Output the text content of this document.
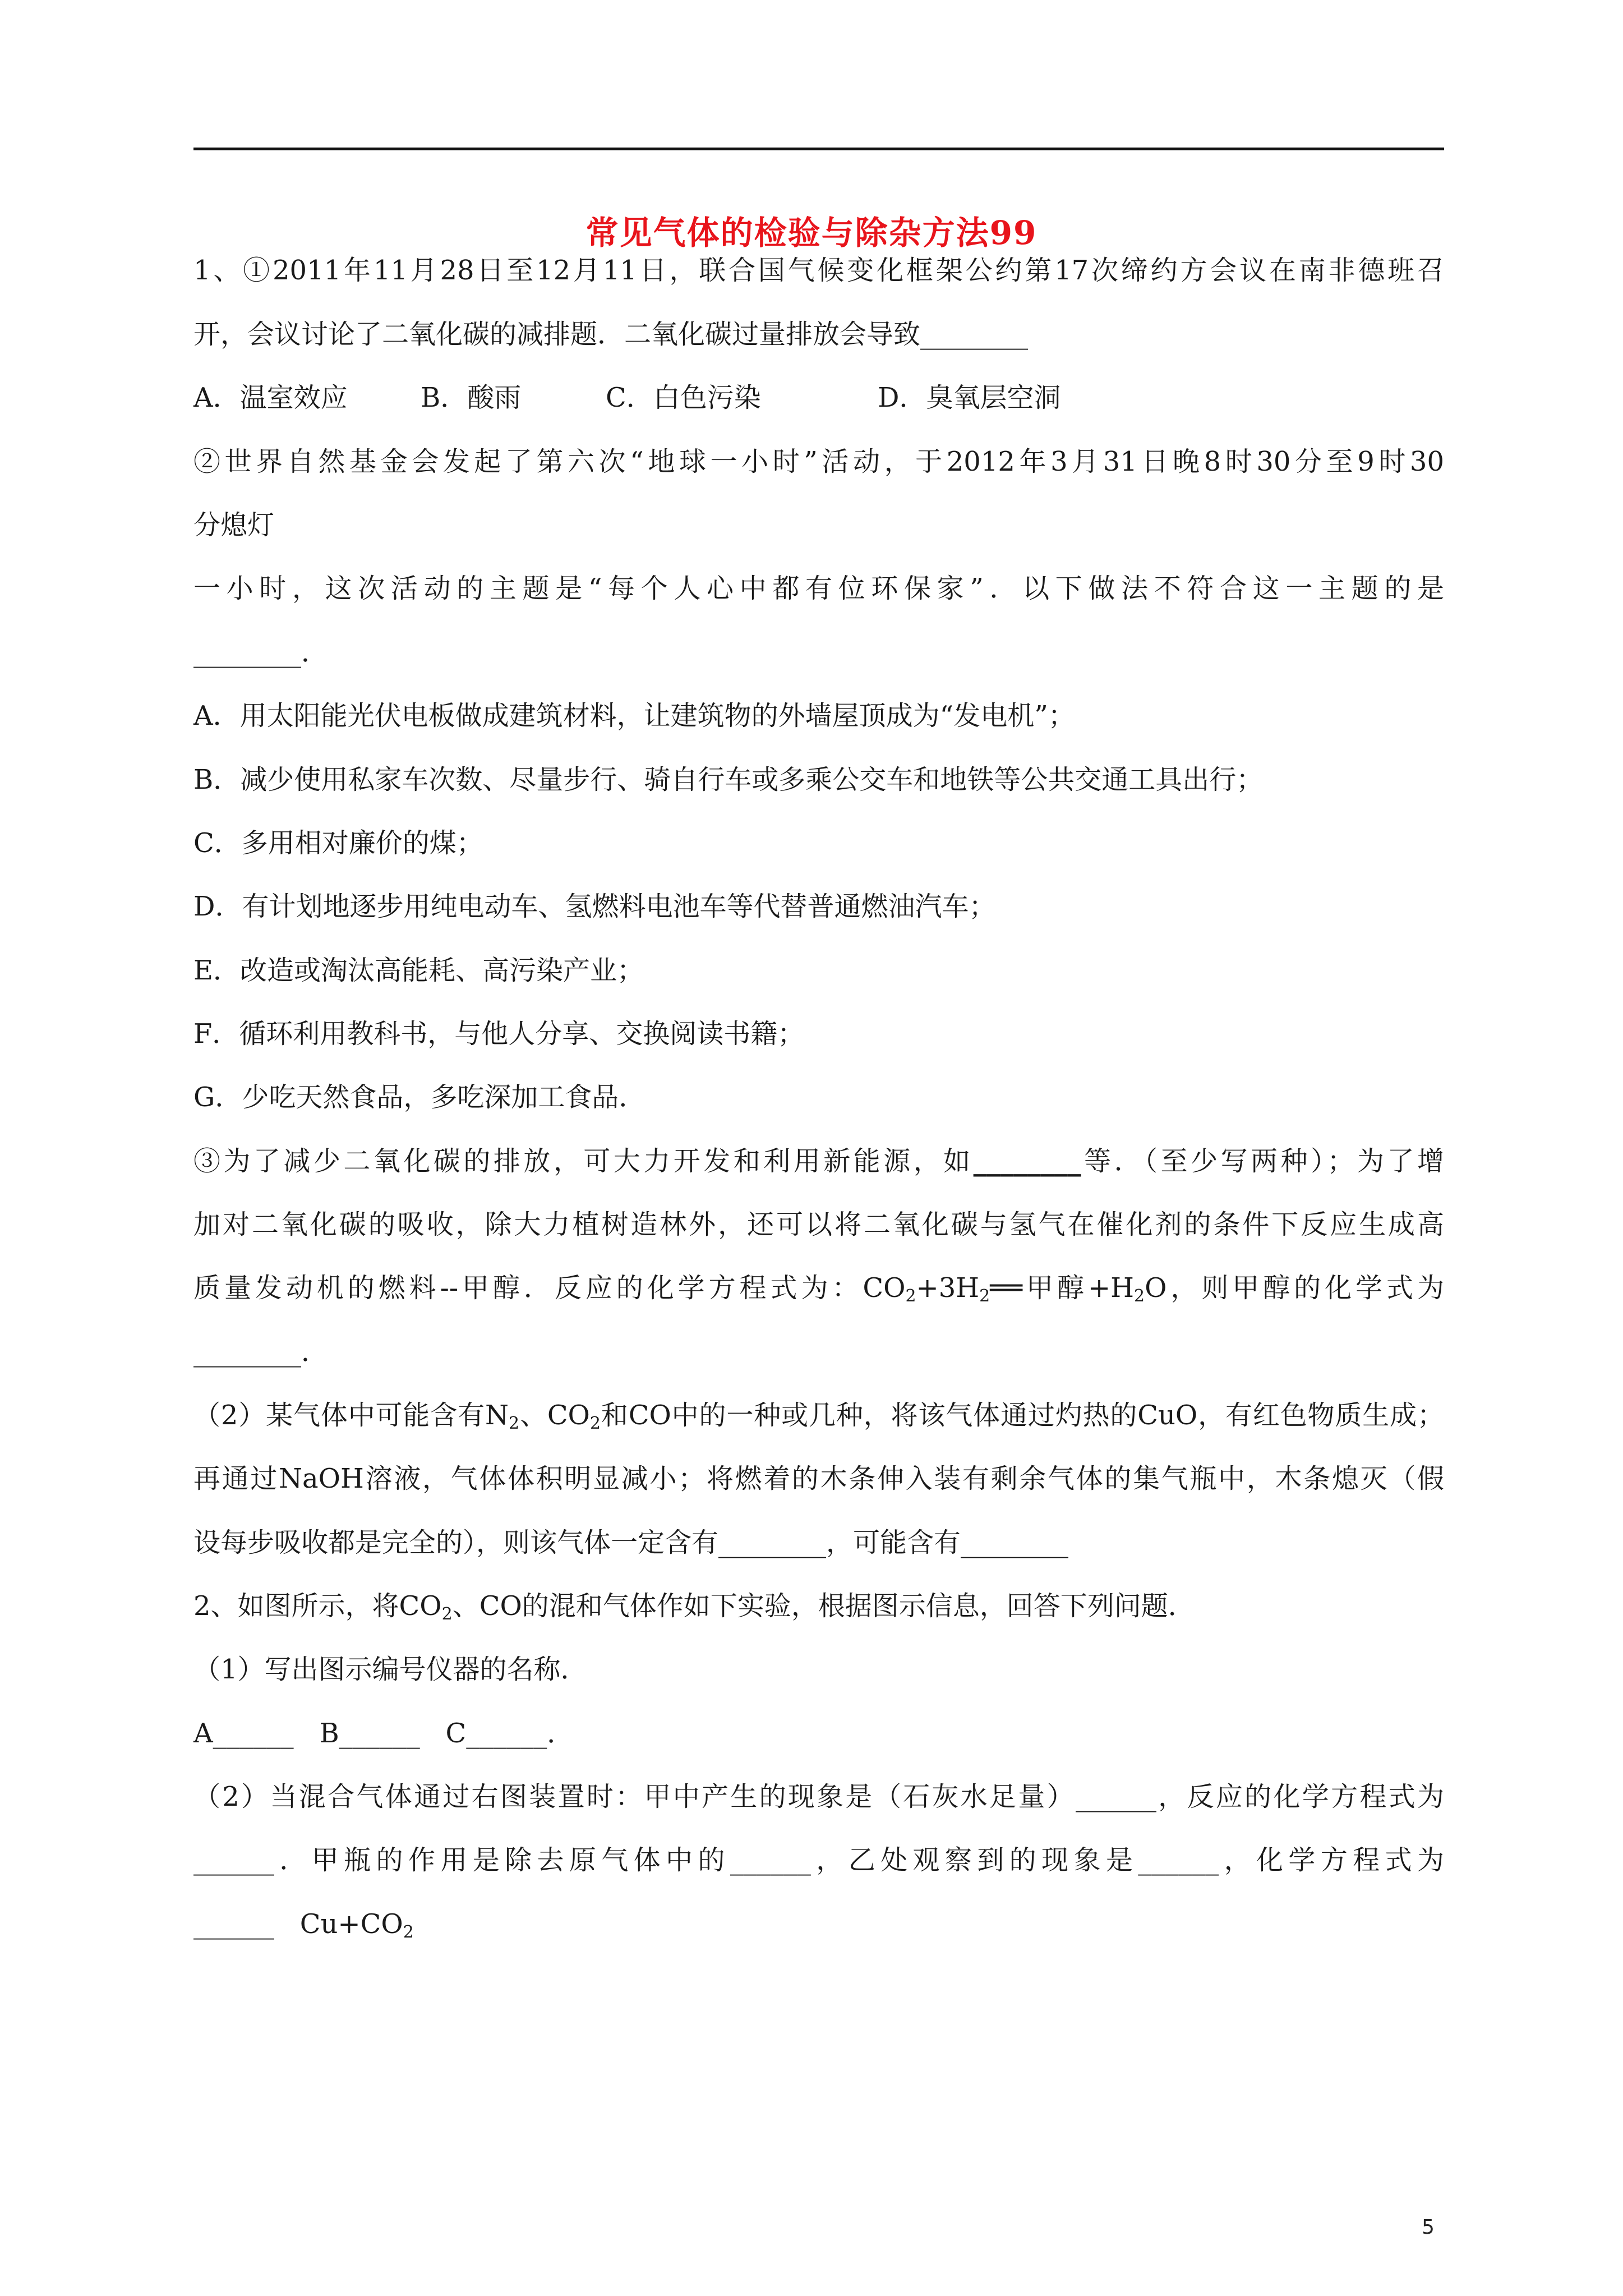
常见气体的检验与除杂方法99
1、①2011年11月28日至12月11日，联合国气候变化框架公约第17次缔约方会议在南非德班召
开，会议讨论了二氧化碳的减排题．二氧化碳过量排放会导致________
A．温室效应	B．酸雨	C．白色污染	D．臭氧层空洞
②世界自然基金会发起了第六次“地球一小时”活动，于2012年3月31日晚8时30分至9时30
分熄灯
一小时，这次活动的主题是“每个人心中都有位环保家”．以下做法不符合这一主题的是
________．
A．用太阳能光伏电板做成建筑材料，让建筑物的外墙屋顶成为“发电机”；
B．减少使用私家车次数、尽量步行、骑自行车或多乘公交车和地铁等公共交通工具出行；
C．多用相对廉价的煤；
D．有计划地逐步用纯电动车、氢燃料电池车等代替普通燃油汽车；
E．改造或淘汰高能耗、高污染产业；
F．循环利用教科书，与他人分享、交换阅读书籍；
G．少吃天然食品，多吃深加工食品．
③为了减少二氧化碳的排放，可大力开发和利用新能源，如________等．（至少写两种）；为了增
加对二氧化碳的吸收，除大力植树造林外，还可以将二氧化碳与氢气在催化剂的条件下反应生成高
质量发动机的燃料--甲醇．反应的化学方程式为：$CO_2+3H_2══$甲醇$+H_2O$，则甲醇的化学式为
________．
（2）某气体中可能含有$N_2$、$CO_2$和CO中的一种或几种，将该气体通过灼热的CuO，有红色物质生成；
再通过NaOH溶液，气体体积明显减小；将燃着的木条伸入装有剩余气体的集气瓶中，木条熄灭（假
设每步吸收都是完全的），则该气体一定含有________，可能含有________
2、如图所示，将$CO_2$、CO的混和气体作如下实验，根据图示信息，回答下列问题．
（1）写出图示编号仪器的名称．
A______   B______   C______．
（2）当混合气体通过右图装置时：甲中产生的现象是（石灰水足量）______，反应的化学方程式为
______．甲瓶的作用是除去原气体中的______，乙处观察到的现象是______，化学方程式为
______   $Cu+CO_2$
5
